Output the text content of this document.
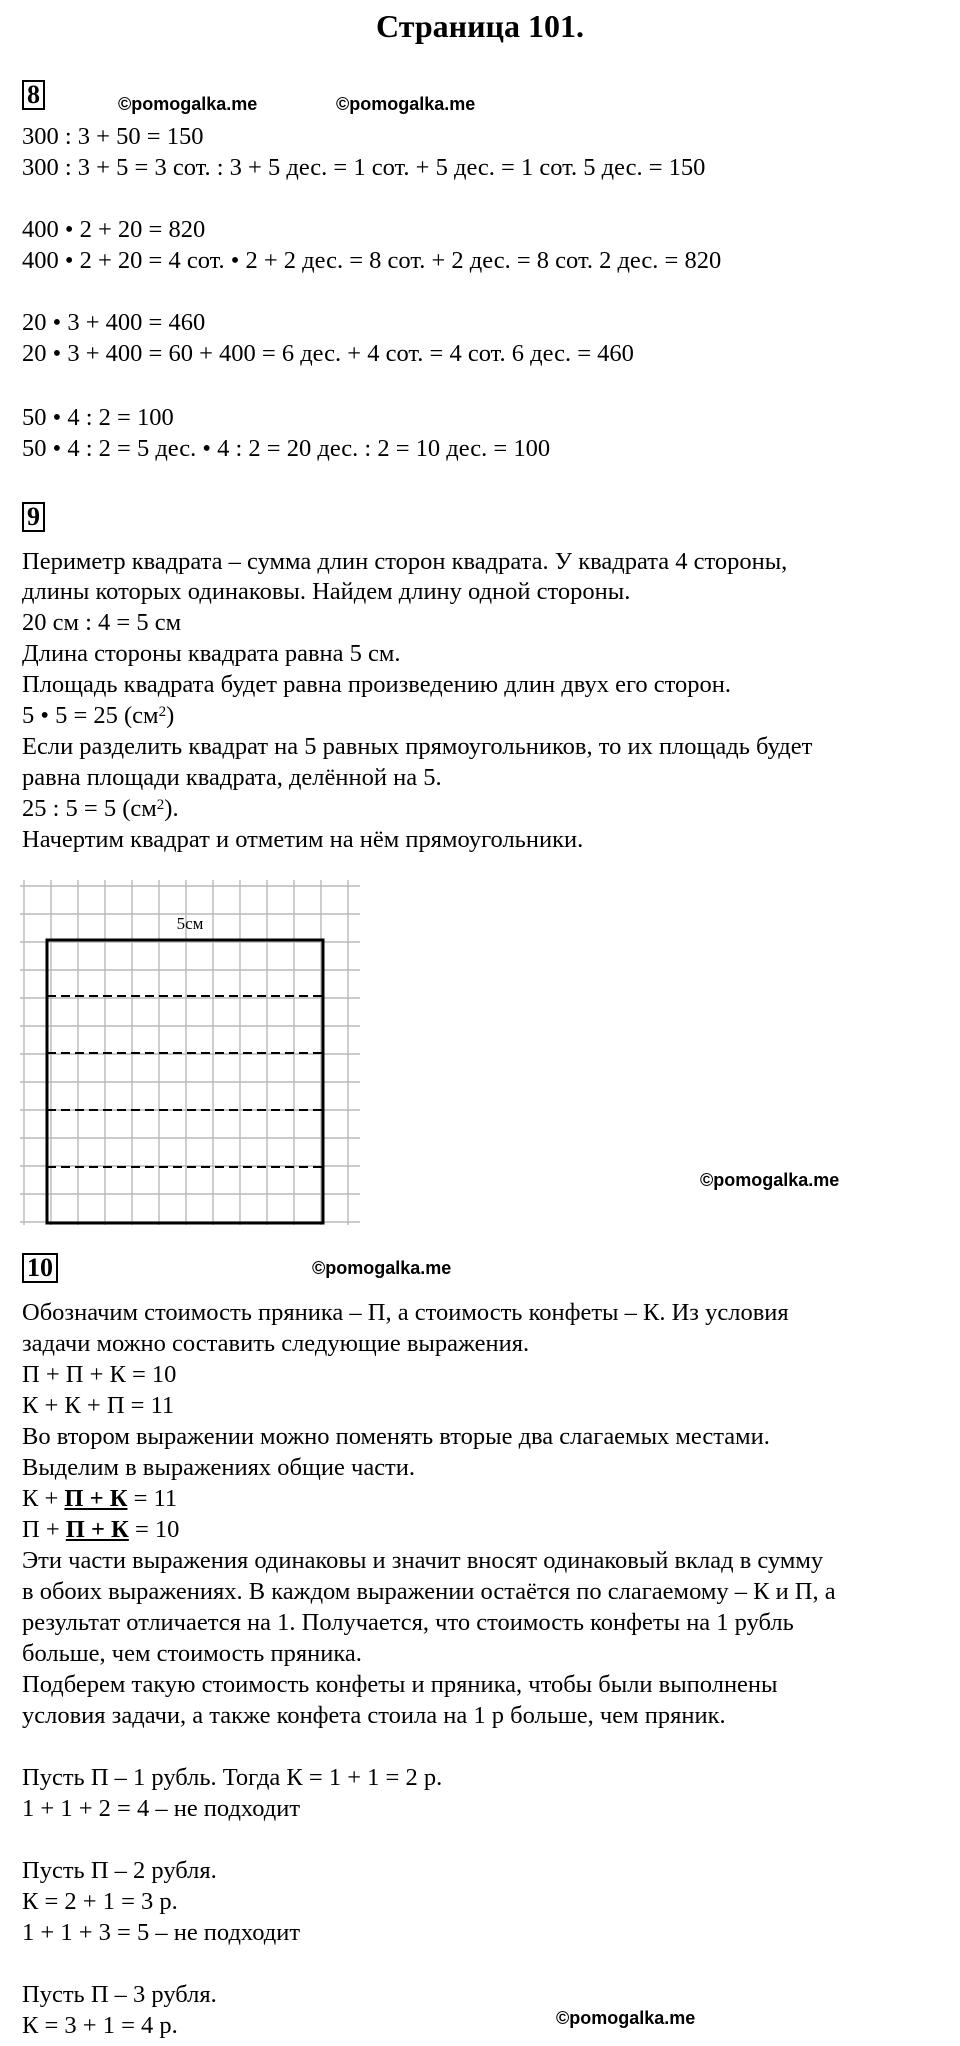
Страница 101.
8	©pomogalka.me	©pomogalka.me
300 : 3 + 50 = 150
300 : 3 + 5 = 3 сот. : 3 + 5 дес. = 1 сот. + 5 дес. = 1 сот. 5 дес. = 150
400 • 2 + 20 = 820
400 • 2 + 20 = 4 сот. • 2 + 2 дес. = 8 сот. + 2 дес. = 8 сот. 2 дес. = 820
20 • 3 + 400 = 460
20 • 3 + 400 = 60 + 400 = 6 дес. + 4 сот. = 4 сот. 6 дес. = 460
50 • 4 : 2 = 100
50 • 4 : 2 = 5 дес. • 4 : 2 = 20 дес. : 2 = 10 дес. = 100
9
Периметр квадрата – сумма длин сторон квадрата. У квадрата 4 стороны,
длины которых одинаковы. Найдем длину одной стороны.
20 см : 4 = 5 см
Длина стороны квадрата равна 5 см.
Площадь квадрата будет равна произведению длин двух его сторон.
5 • 5 = 25 $(см^2)$
Если разделить квадрат на 5 равных прямоугольников, то их площадь будет
равна площади квадрата, делённой на 5.
25 : 5 = 5 $(см^2)$.
Начертим квадрат и отметим на нём прямоугольники.
5см
©pomogalka.me
10	©pomogalka.me
Обозначим стоимость пряника – П, а стоимость конфеты – К. Из условия
задачи можно составить следующие выражения.
П + П + К = 10
К + К + П = 11
Во втором выражении можно поменять вторые два слагаемых местами.
Выделим в выражениях общие части.
К + П + К = 11
П + П + К = 10
Эти части выражения одинаковы и значит вносят одинаковый вклад в сумму
в обоих выражениях. В каждом выражении остаётся по слагаемому – К и П, а
результат отличается на 1. Получается, что стоимость конфеты на 1 рубль
больше, чем стоимость пряника.
Подберем такую стоимость конфеты и пряника, чтобы были выполнены
условия задачи, а также конфета стоила на 1 р больше, чем пряник.
Пусть П – 1 рубль. Тогда К = 1 + 1 = 2 р.
1 + 1 + 2 = 4 – не подходит
Пусть П – 2 рубля.
К = 2 + 1 = 3 р.
1 + 1 + 3 = 5 – не подходит
Пусть П – 3 рубля.
К = 3 + 1 = 4 р.	©pomogalka.me
